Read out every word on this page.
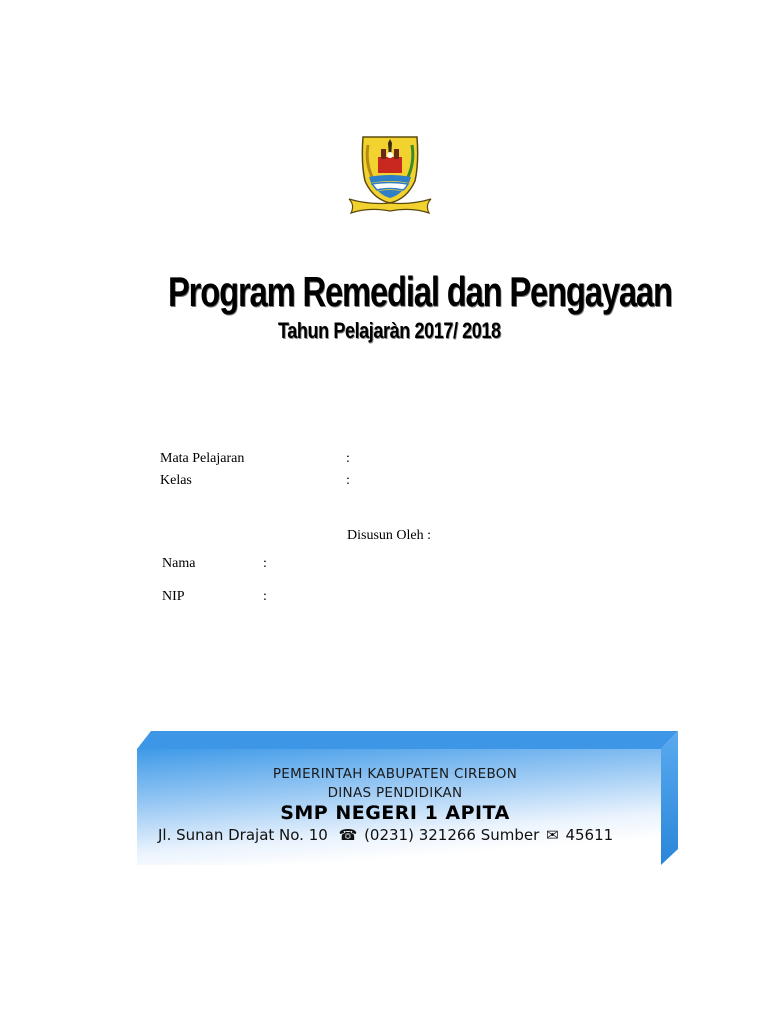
Program Remedial dan Pengayaan
Tahun Pelajaràn 2017/ 2018
Mata Pelajaran	:
Kelas	:
Disusun Oleh :
Nama	:
NIP	:
PEMERINTAH KABUPATEN CIREBON
DINAS PENDIDIKAN
SMP NEGERI 1 APITA
Jl. Sunan Drajat No. 10 ☎ (0231) 321266 Sumber ✉ 45611
